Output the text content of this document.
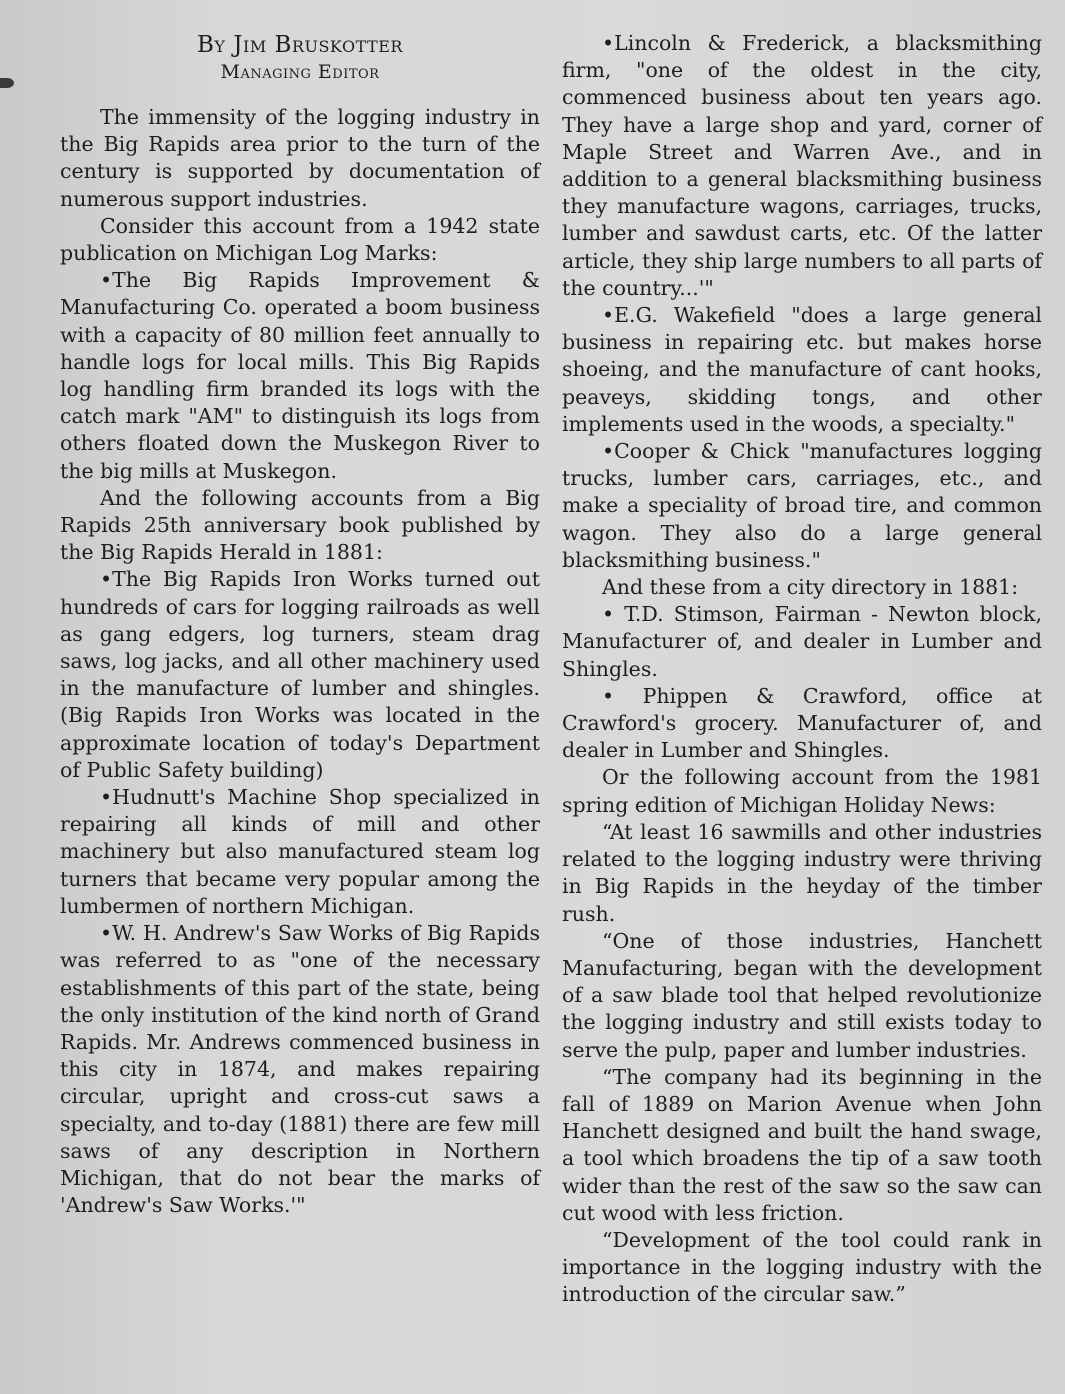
By Jim Bruskotter
Managing Editor

The immensity of the logging industry in the Big Rapids area prior to the turn of the century is supported by documentation of numerous support industries.

Consider this account from a 1942 state publication on Michigan Log Marks:

•The Big Rapids Improvement & Manufacturing Co. operated a boom business with a capacity of 80 million feet annually to handle logs for local mills. This Big Rapids log handling firm branded its logs with the catch mark "AM" to distinguish its logs from others floated down the Muskegon River to the big mills at Muskegon.

And the following accounts from a Big Rapids 25th anniversary book published by the Big Rapids Herald in 1881:

•The Big Rapids Iron Works turned out hundreds of cars for logging railroads as well as gang edgers, log turners, steam drag saws, log jacks, and all other machinery used in the manufacture of lumber and shingles. (Big Rapids Iron Works was located in the approximate location of today's Department of Public Safety building)

•Hudnutt's Machine Shop specialized in repairing all kinds of mill and other machinery but also manufactured steam log turners that became very popular among the lumbermen of northern Michigan.

•W. H. Andrew's Saw Works of Big Rapids was referred to as "one of the necessary establishments of this part of the state, being the only institution of the kind north of Grand Rapids. Mr. Andrews commenced business in this city in 1874, and makes repairing circular, upright and cross-cut saws a specialty, and to-day (1881) there are few mill saws of any description in Northern Michigan, that do not bear the marks of 'Andrew's Saw Works.'"

•Lincoln & Frederick, a blacksmithing firm, "one of the oldest in the city, commenced business about ten years ago. They have a large shop and yard, corner of Maple Street and Warren Ave., and in addition to a general blacksmithing business they manufacture wagons, carriages, trucks, lumber and sawdust carts, etc. Of the latter article, they ship large numbers to all parts of the country...'"

•E.G. Wakefield "does a large general business in repairing etc. but makes horse shoeing, and the manufacture of cant hooks, peaveys, skidding tongs, and other implements used in the woods, a specialty."

•Cooper & Chick "manufactures logging trucks, lumber cars, carriages, etc., and make a speciality of broad tire, and common wagon. They also do a large general blacksmithing business."

And these from a city directory in 1881:

• T.D. Stimson, Fairman - Newton block, Manufacturer of, and dealer in Lumber and Shingles.

• Phippen & Crawford, office at Crawford's grocery. Manufacturer of, and dealer in Lumber and Shingles.

Or the following account from the 1981 spring edition of Michigan Holiday News:

“At least 16 sawmills and other industries related to the logging industry were thriving in Big Rapids in the heyday of the timber rush.

“One of those industries, Hanchett Manufacturing, began with the development of a saw blade tool that helped revolutionize the logging industry and still exists today to serve the pulp, paper and lumber industries.

“The company had its beginning in the fall of 1889 on Marion Avenue when John Hanchett designed and built the hand swage, a tool which broadens the tip of a saw tooth wider than the rest of the saw so the saw can cut wood with less friction.

“Development of the tool could rank in importance in the logging industry with the introduction of the circular saw.”
